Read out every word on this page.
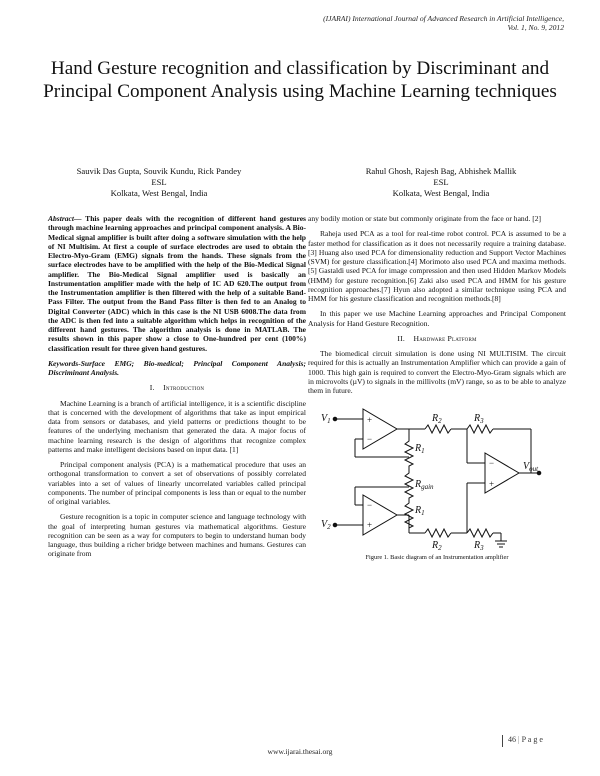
(IJARAI) International Journal of Advanced Research in Artificial Intelligence,
Vol. 1, No. 9, 2012
Hand Gesture recognition and classification by Discriminant and Principal Component Analysis using Machine Learning techniques
Sauvik Das Gupta, Souvik Kundu, Rick Pandey
ESL
Kolkata, West Bengal, India
Rahul Ghosh, Rajesh Bag, Abhishek Mallik
ESL
Kolkata, West Bengal, India

Abstract— This paper deals with the recognition of different hand gestures through machine learning approaches and principal component analysis. A Bio-Medical signal amplifier is built after doing a software simulation with the help of NI Multisim. At first a couple of surface electrodes are used to obtain the Electro-Myo-Gram (EMG) signals from the hands. These signals from the surface electrodes have to be amplified with the help of the Bio-Medical Signal amplifier. The Bio-Medical Signal amplifier used is basically an Instrumentation amplifier made with the help of IC AD 620.The output from the Instrumentation amplifier is then filtered with the help of a suitable Band-Pass Filter. The output from the Band Pass filter is then fed to an Analog to Digital Converter (ADC) which in this case is the NI USB 6008.The data from the ADC is then fed into a suitable algorithm which helps in recognition of the different hand gestures. The algorithm analysis is done in MATLAB. The results shown in this paper show a close to One-hundred per cent (100%) classification result for three given hand gestures.

Keywords-Surface EMG; Bio-medical; Principal Component Analysis; Discriminant Analysis.

I. Introduction

Machine Learning is a branch of artificial intelligence, it is a scientific discipline that is concerned with the development of algorithms that take as input empirical data from sensors or databases, and yield patterns or predictions thought to be features of the underlying mechanism that generated the data. A major focus of machine learning research is the design of algorithms that recognize complex patterns and make intelligent decisions based on input data. [1]

Principal component analysis (PCA) is a mathematical procedure that uses an orthogonal transformation to convert a set of observations of possibly correlated variables into a set of values of linearly uncorrelated variables called principal components. The number of principal components is less than or equal to the number of original variables.

Gesture recognition is a topic in computer science and language technology with the goal of interpreting human gestures via mathematical algorithms. Gesture recognition can be seen as a way for computers to begin to understand human body language, thus building a richer bridge between machines and humans. Gestures can originate from

any bodily motion or state but commonly originate from the face or hand. [2]

Raheja used PCA as a tool for real-time robot control. PCA is assumed to be a faster method for classification as it does not necessarily require a training database.[3] Huang also used PCA for dimensionality reduction and Support Vector Machines (SVM) for gesture classification.[4] Morimoto also used PCA and maxima methods.[5] Gastaldi used PCA for image compression and then used Hidden Markov Models (HMM) for gesture recognition.[6] Zaki also used PCA and HMM for his gesture recognition approaches.[7] Hyun also adopted a similar technique using PCA and HMM for his gesture classification and recognition methods.[8]

In this paper we use Machine Learning approaches and Principal Component Analysis for Hand Gesture Recognition.

II. Hardware Platform

The biomedical circuit simulation is done using NI MULTISIM. The circuit required for this is actually an Instrumentation Amplifier which can provide a gain of 1000. This high gain is required to convert the Electro-Myo-Gram signals which are in microvolts (µV) to signals in the millivolts (mV) range, so as to be able to analyze them in future.

+
−
−
+
−
+
$V_1$
$V_2$
$R_1$
$R_{gain}$
$R_1$
$R_2$	$R_3$
$R_2$	$R_3$
$V_{out}$
Figure 1. Basic diagram of an Instrumentation amplifier
46 | P a g e
www.ijarai.thesai.org
